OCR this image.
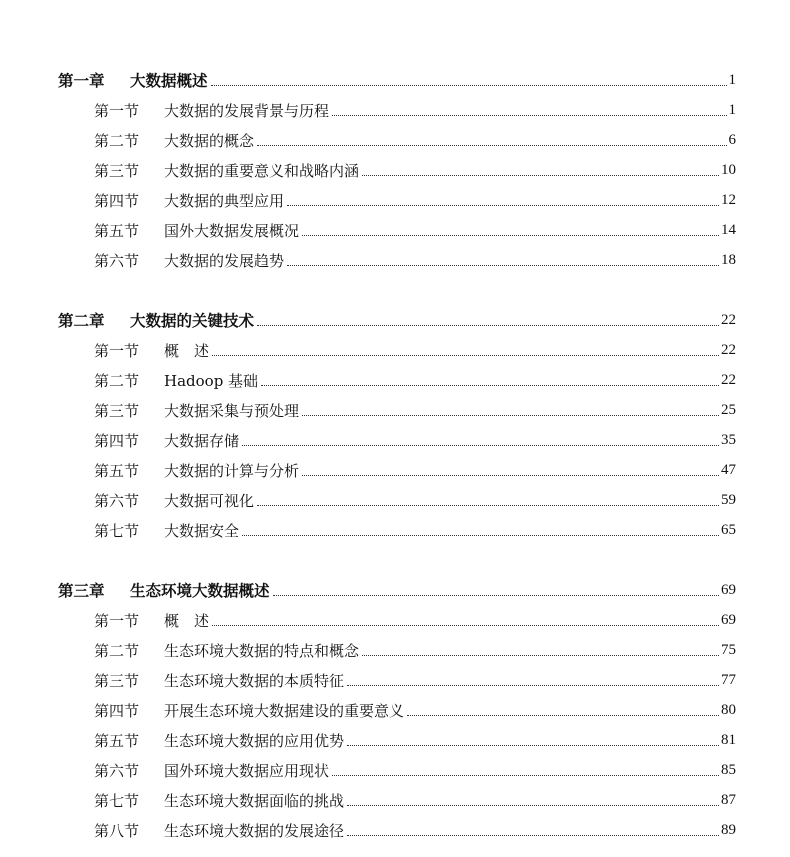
第一章	大数据概述	1
第一节	大数据的发展背景与历程	1
第二节	大数据的概念	6
第三节	大数据的重要意义和战略内涵	10
第四节	大数据的典型应用	12
第五节	国外大数据发展概况	14
第六节	大数据的发展趋势	18
第二章	大数据的关键技术	22
第一节	概　述	22
第二节	Hadoop 基础	22
第三节	大数据采集与预处理	25
第四节	大数据存储	35
第五节	大数据的计算与分析	47
第六节	大数据可视化	59
第七节	大数据安全	65
第三章	生态环境大数据概述	69
第一节	概　述	69
第二节	生态环境大数据的特点和概念	75
第三节	生态环境大数据的本质特征	77
第四节	开展生态环境大数据建设的重要意义	80
第五节	生态环境大数据的应用优势	81
第六节	国外环境大数据应用现状	85
第七节	生态环境大数据面临的挑战	87
第八节	生态环境大数据的发展途径	89
